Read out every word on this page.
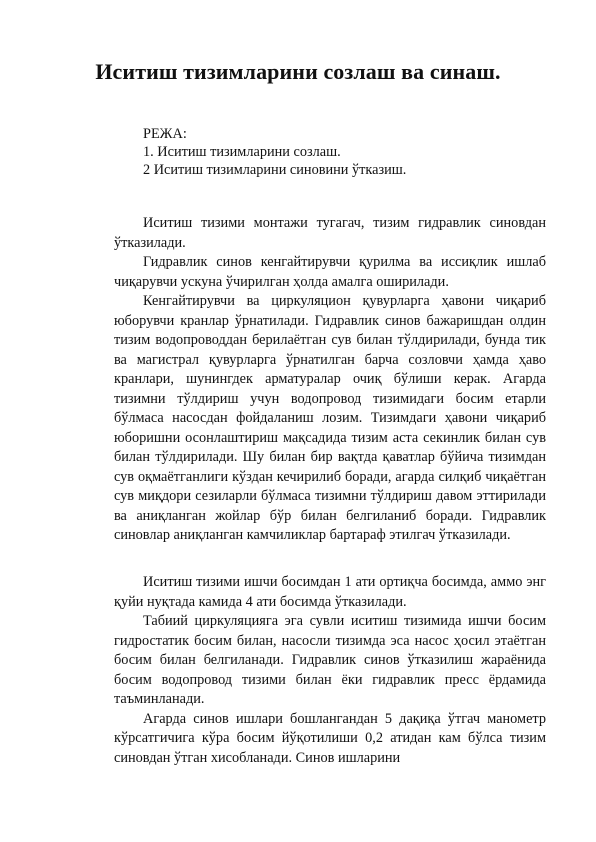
Иситиш тизимларини созлаш ва синаш.
РЕЖА:
1. Иситиш тизимларини созлаш.
2 Иситиш тизимларини синовини ўтказиш.

Иситиш тизими монтажи тугагач, тизим гидравлик синовдан ўтказилади.

Гидравлик синов кенгайтирувчи қурилма ва иссиқлик ишлаб чиқарувчи ускуна ўчирилган ҳолда амалга оширилади.

Кенгайтирувчи ва циркуляцион қувурларга ҳавони чиқариб юборувчи кранлар ўрнатилади. Гидравлик синов бажаришдан олдин тизим водопроводдан берилаётган сув билан тўлдирилади, бунда тик ва магистрал қувурларга ўрнатилган барча созловчи ҳамда ҳаво кранлари, шунингдек арматуралар очиқ бўлиши керак. Агарда тизимни тўлдириш учун водопровод тизимидаги босим етарли бўлмаса насосдан фойдаланиш лозим. Тизимдаги ҳавони чиқариб юборишни осонлаштириш мақсадида тизим аста секинлик билан сув билан тўлдирилади. Шу билан бир вақтда қаватлар бўйича тизимдан сув оқмаётганлиги кўздан кечирилиб боради, агарда силқиб чиқаётган сув миқдори сезиларли бўлмаса тизимни тўлдириш давом эттирилади ва аниқланган жойлар бўр билан белгиланиб боради. Гидравлик синовлар аниқланган камчиликлар бартараф этилгач ўтказилади.

Иситиш тизими ишчи босимдан 1 ати ортиқча босимда, аммо энг қуйи нуқтада камида 4 ати босимда ўтказилади.

Табиий циркуляцияга эга сувли иситиш тизимида ишчи босим гидростатик босим билан, насосли тизимда эса насос ҳосил этаётган босим билан белгиланади. Гидравлик синов ўтказилиш жараёнида босим водопровод тизими билан ёки гидравлик пресс ёрдамида таъминланади.

Агарда синов ишлари бошлангандан 5 дақиқа ўтгач манометр кўрсатгичига кўра босим йўқотилиши 0,2 атидан кам бўлса тизим синовдан ўтган хисобланади. Синов ишларини
